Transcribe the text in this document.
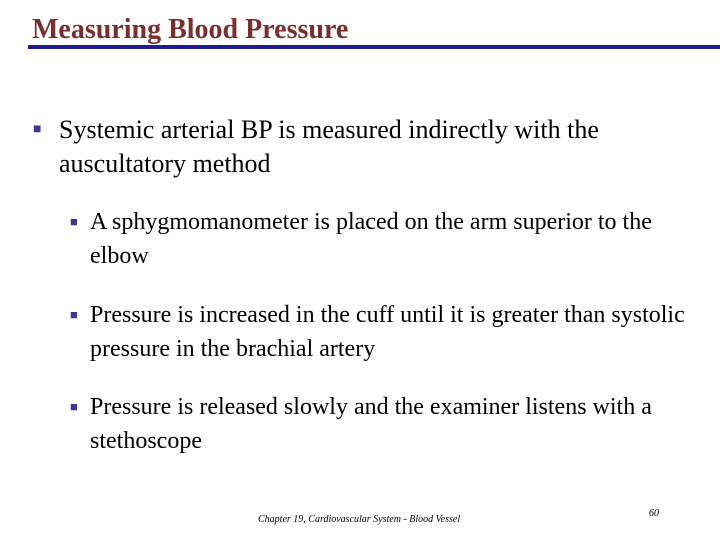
Measuring Blood Pressure

■ Systemic arterial BP is measured indirectly with the auscultatory method

■ A sphygmomanometer is placed on the arm superior to the elbow

■ Pressure is increased in the cuff until it is greater than systolic pressure in the brachial artery

■ Pressure is released slowly and the examiner listens with a stethoscope

Chapter 19, Cardiovascular System - Blood Vessel
60
